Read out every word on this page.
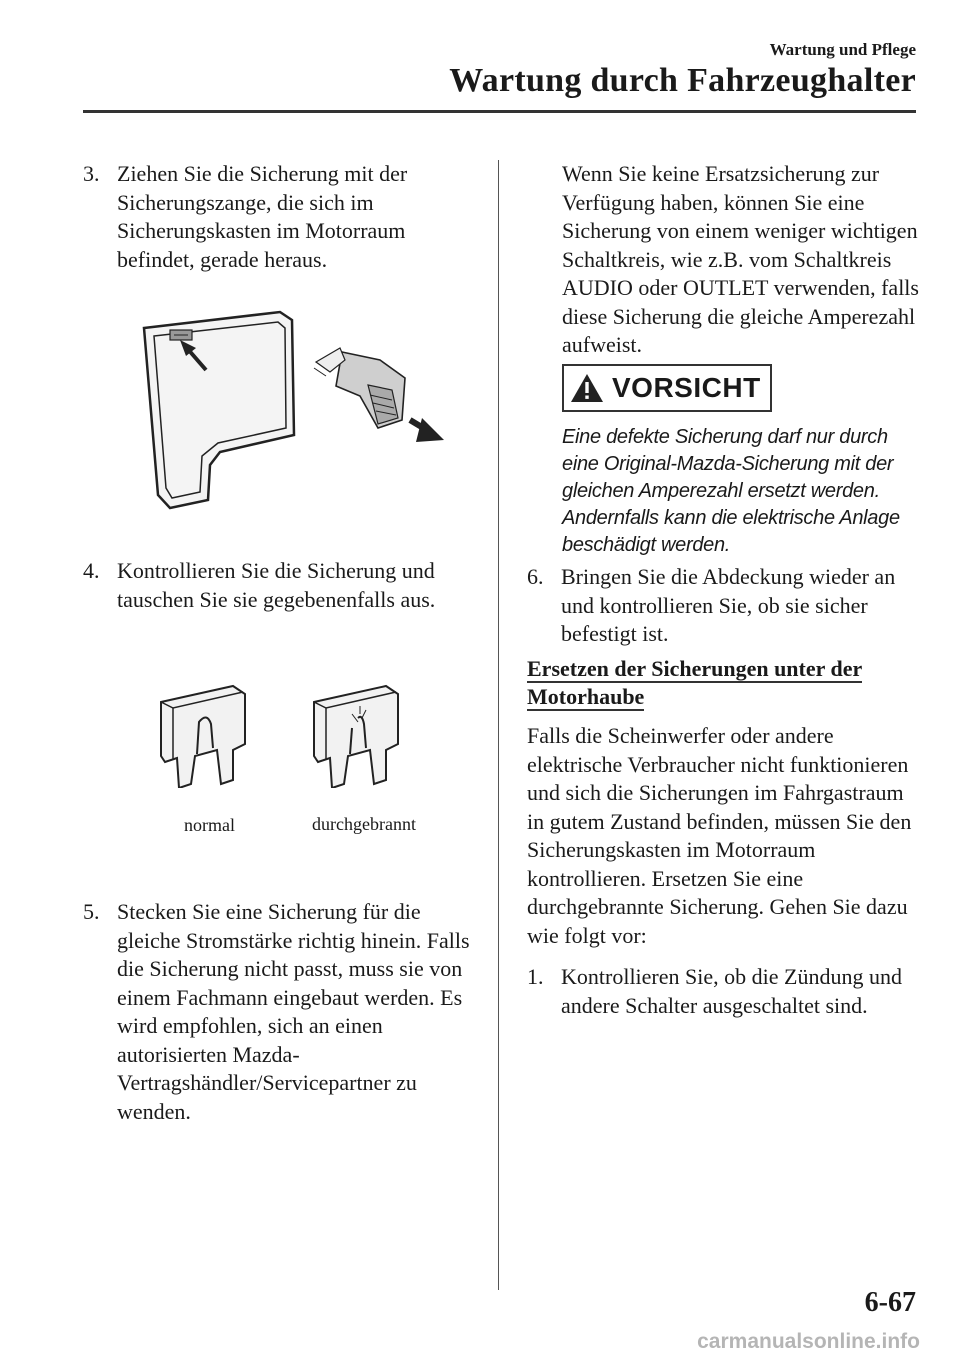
Wartung und Pflege
Wartung durch Fahrzeughalter
3. Ziehen Sie die Sicherung mit der Sicherungszange, die sich im Sicherungskasten im Motorraum befindet, gerade heraus.
4. Kontrollieren Sie die Sicherung und tauschen Sie sie gegebenenfalls aus.
normal	durchgebrannt
5. Stecken Sie eine Sicherung für die gleiche Stromstärke richtig hinein. Falls die Sicherung nicht passt, muss sie von einem Fachmann eingebaut werden. Es wird empfohlen, sich an einen autorisierten Mazda-Vertragshändler/Servicepartner zu wenden.
Wenn Sie keine Ersatzsicherung zur Verfügung haben, können Sie eine Sicherung von einem weniger wichtigen Schaltkreis, wie z.B. vom Schaltkreis AUDIO oder OUTLET verwenden, falls diese Sicherung die gleiche Amperezahl aufweist.
VORSICHT
Eine defekte Sicherung darf nur durch eine Original-Mazda-Sicherung mit der gleichen Amperezahl ersetzt werden. Andernfalls kann die elektrische Anlage beschädigt werden.
6. Bringen Sie die Abdeckung wieder an und kontrollieren Sie, ob sie sicher befestigt ist.
Ersetzen der Sicherungen unter der Motorhaube
Falls die Scheinwerfer oder andere elektrische Verbraucher nicht funktionieren und sich die Sicherungen im Fahrgastraum in gutem Zustand befinden, müssen Sie den Sicherungskasten im Motorraum kontrollieren. Ersetzen Sie eine durchgebrannte Sicherung. Gehen Sie dazu wie folgt vor:
1. Kontrollieren Sie, ob die Zündung und andere Schalter ausgeschaltet sind.
6-67
carmanualsonline.info
